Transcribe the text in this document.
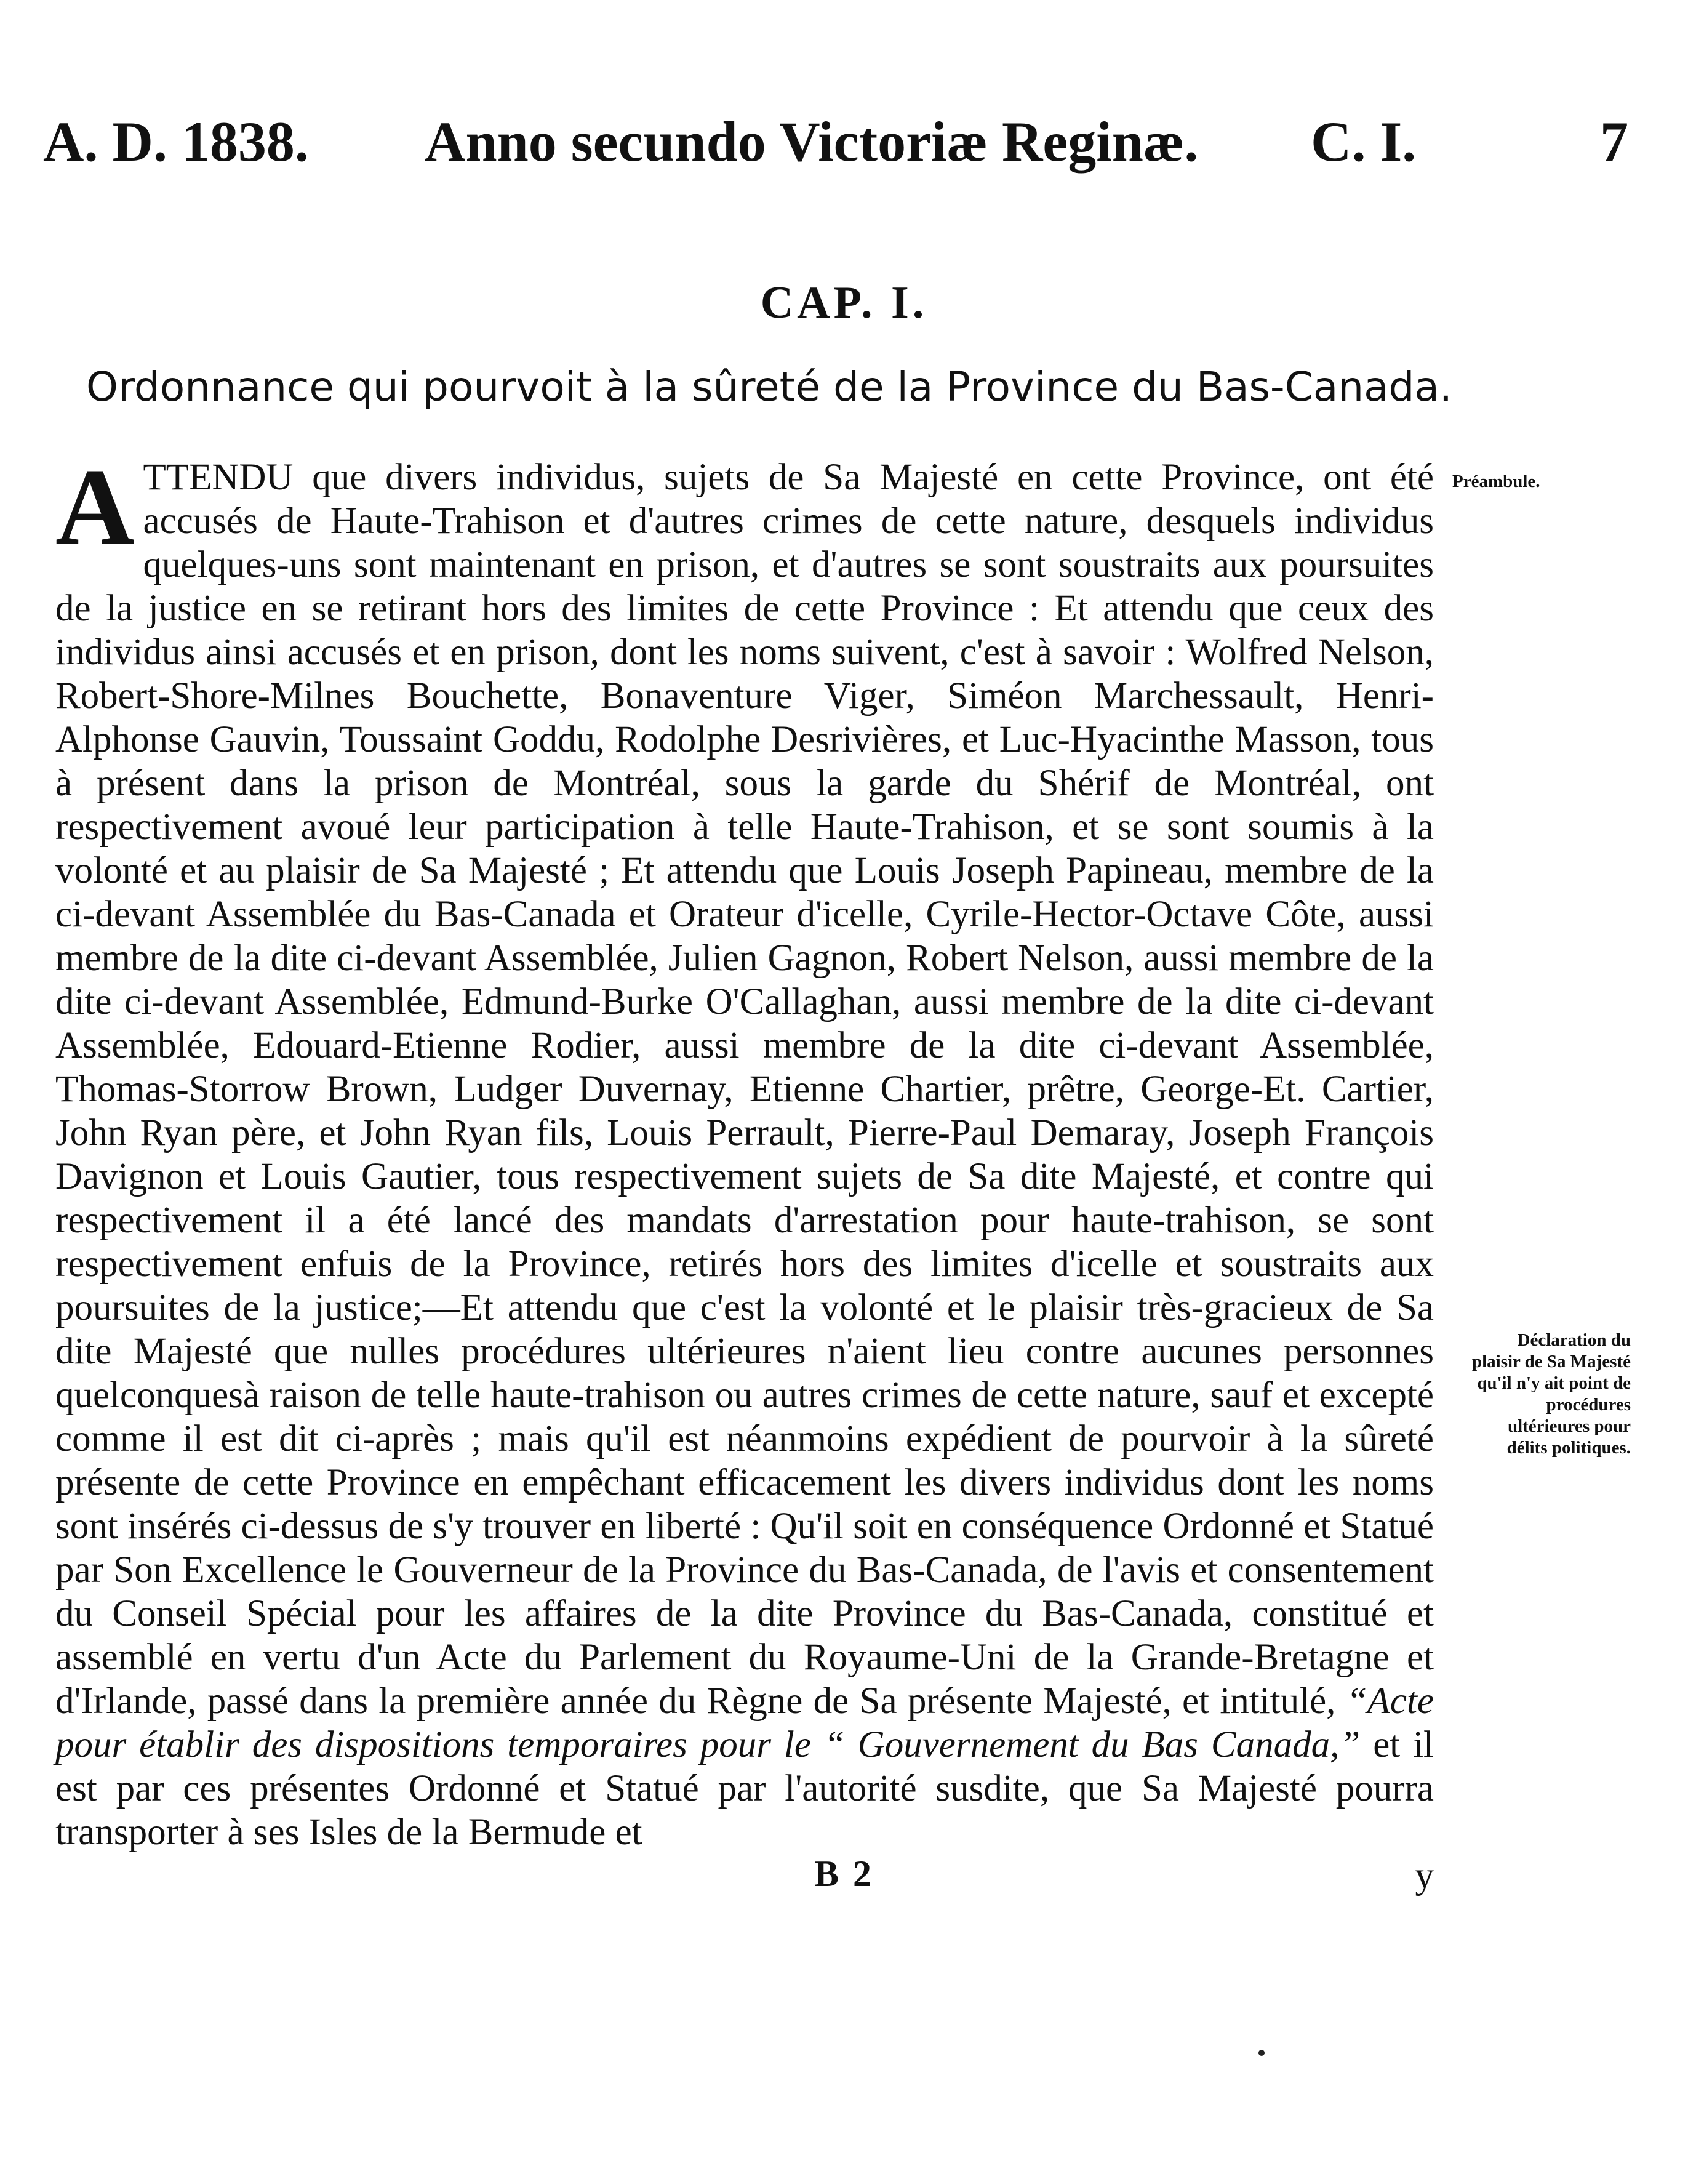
A. D. 1838. Anno secundo Victoriæ Reginæ. C. I.	7
CAP. I.
Ordonnance qui pourvoit à la sûreté de la Province du Bas-Canada.

ATTENDU que divers individus, sujets de Sa Majesté en cette Province, ont été accusés de Haute-Trahison et d'autres crimes de cette nature, desquels individus quelques-uns sont maintenant en prison, et d'autres se sont soustraits aux poursuites de la justice en se retirant hors des limites de cette Province : Et attendu que ceux des individus ainsi accusés et en prison, dont les noms suivent, c'est à savoir : Wolfred Nelson, Robert-Shore-Milnes Bouchette, Bonaventure Viger, Siméon Marchessault, Henri-Alphonse Gauvin, Toussaint Goddu, Rodolphe Desrivières, et Luc-Hyacinthe Masson, tous à présent dans la prison de Montréal, sous la garde du Shérif de Montréal, ont respectivement avoué leur participation à telle Haute-Trahison, et se sont soumis à la volonté et au plaisir de Sa Majesté ; Et attendu que Louis Joseph Papineau, membre de la ci-devant Assemblée du Bas-Canada et Orateur d'icelle, Cyrile-Hector-Octave Côte, aussi membre de la dite ci-devant Assemblée, Julien Gagnon, Robert Nelson, aussi membre de la dite ci-devant Assemblée, Edmund-Burke O'Callaghan, aussi membre de la dite ci-devant Assemblée, Edouard-Etienne Rodier, aussi membre de la dite ci-devant Assemblée, Thomas-Storrow Brown, Ludger Duvernay, Etienne Chartier, prêtre, George-Et. Cartier, John Ryan père, et John Ryan fils, Louis Perrault, Pierre-Paul Demaray, Joseph François Davignon et Louis Gautier, tous respectivement sujets de Sa dite Majesté, et contre qui respectivement il a été lancé des mandats d'arrestation pour haute-trahison, se sont respectivement enfuis de la Province, retirés hors des limites d'icelle et soustraits aux poursuites de la justice;—Et attendu que c'est la volonté et le plaisir très-gracieux de Sa dite Majesté que nulles procédures ultérieures n'aient lieu contre aucunes personnes quelconquesà raison de telle haute-trahison ou autres crimes de cette nature, sauf et excepté comme il est dit ci-après ; mais qu'il est néanmoins expédient de pourvoir à la sûreté présente de cette Province en empêchant efficacement les divers individus dont les noms sont insérés ci-dessus de s'y trouver en liberté : Qu'il soit en conséquence Ordonné et Statué par Son Excellence le Gouverneur de la Province du Bas-Canada, de l'avis et consentement du Conseil Spécial pour les affaires de la dite Province du Bas-Canada, constitué et assemblé en vertu d'un Acte du Parlement du Royaume-Uni de la Grande-Bretagne et d'Irlande, passé dans la première année du Règne de Sa présente Majesté, et intitulé, “Acte pour établir des dispositions temporaires pour le “ Gouvernement du Bas Canada,” et il est par ces présentes Ordonné et Statué par l'autorité susdite, que Sa Majesté pourra transporter à ses Isles de la Bermude et

y
Préambule.
Déclaration du plaisir de Sa Majesté qu'il n'y ait point de procédures ultérieures pour délits politiques.
B 2
